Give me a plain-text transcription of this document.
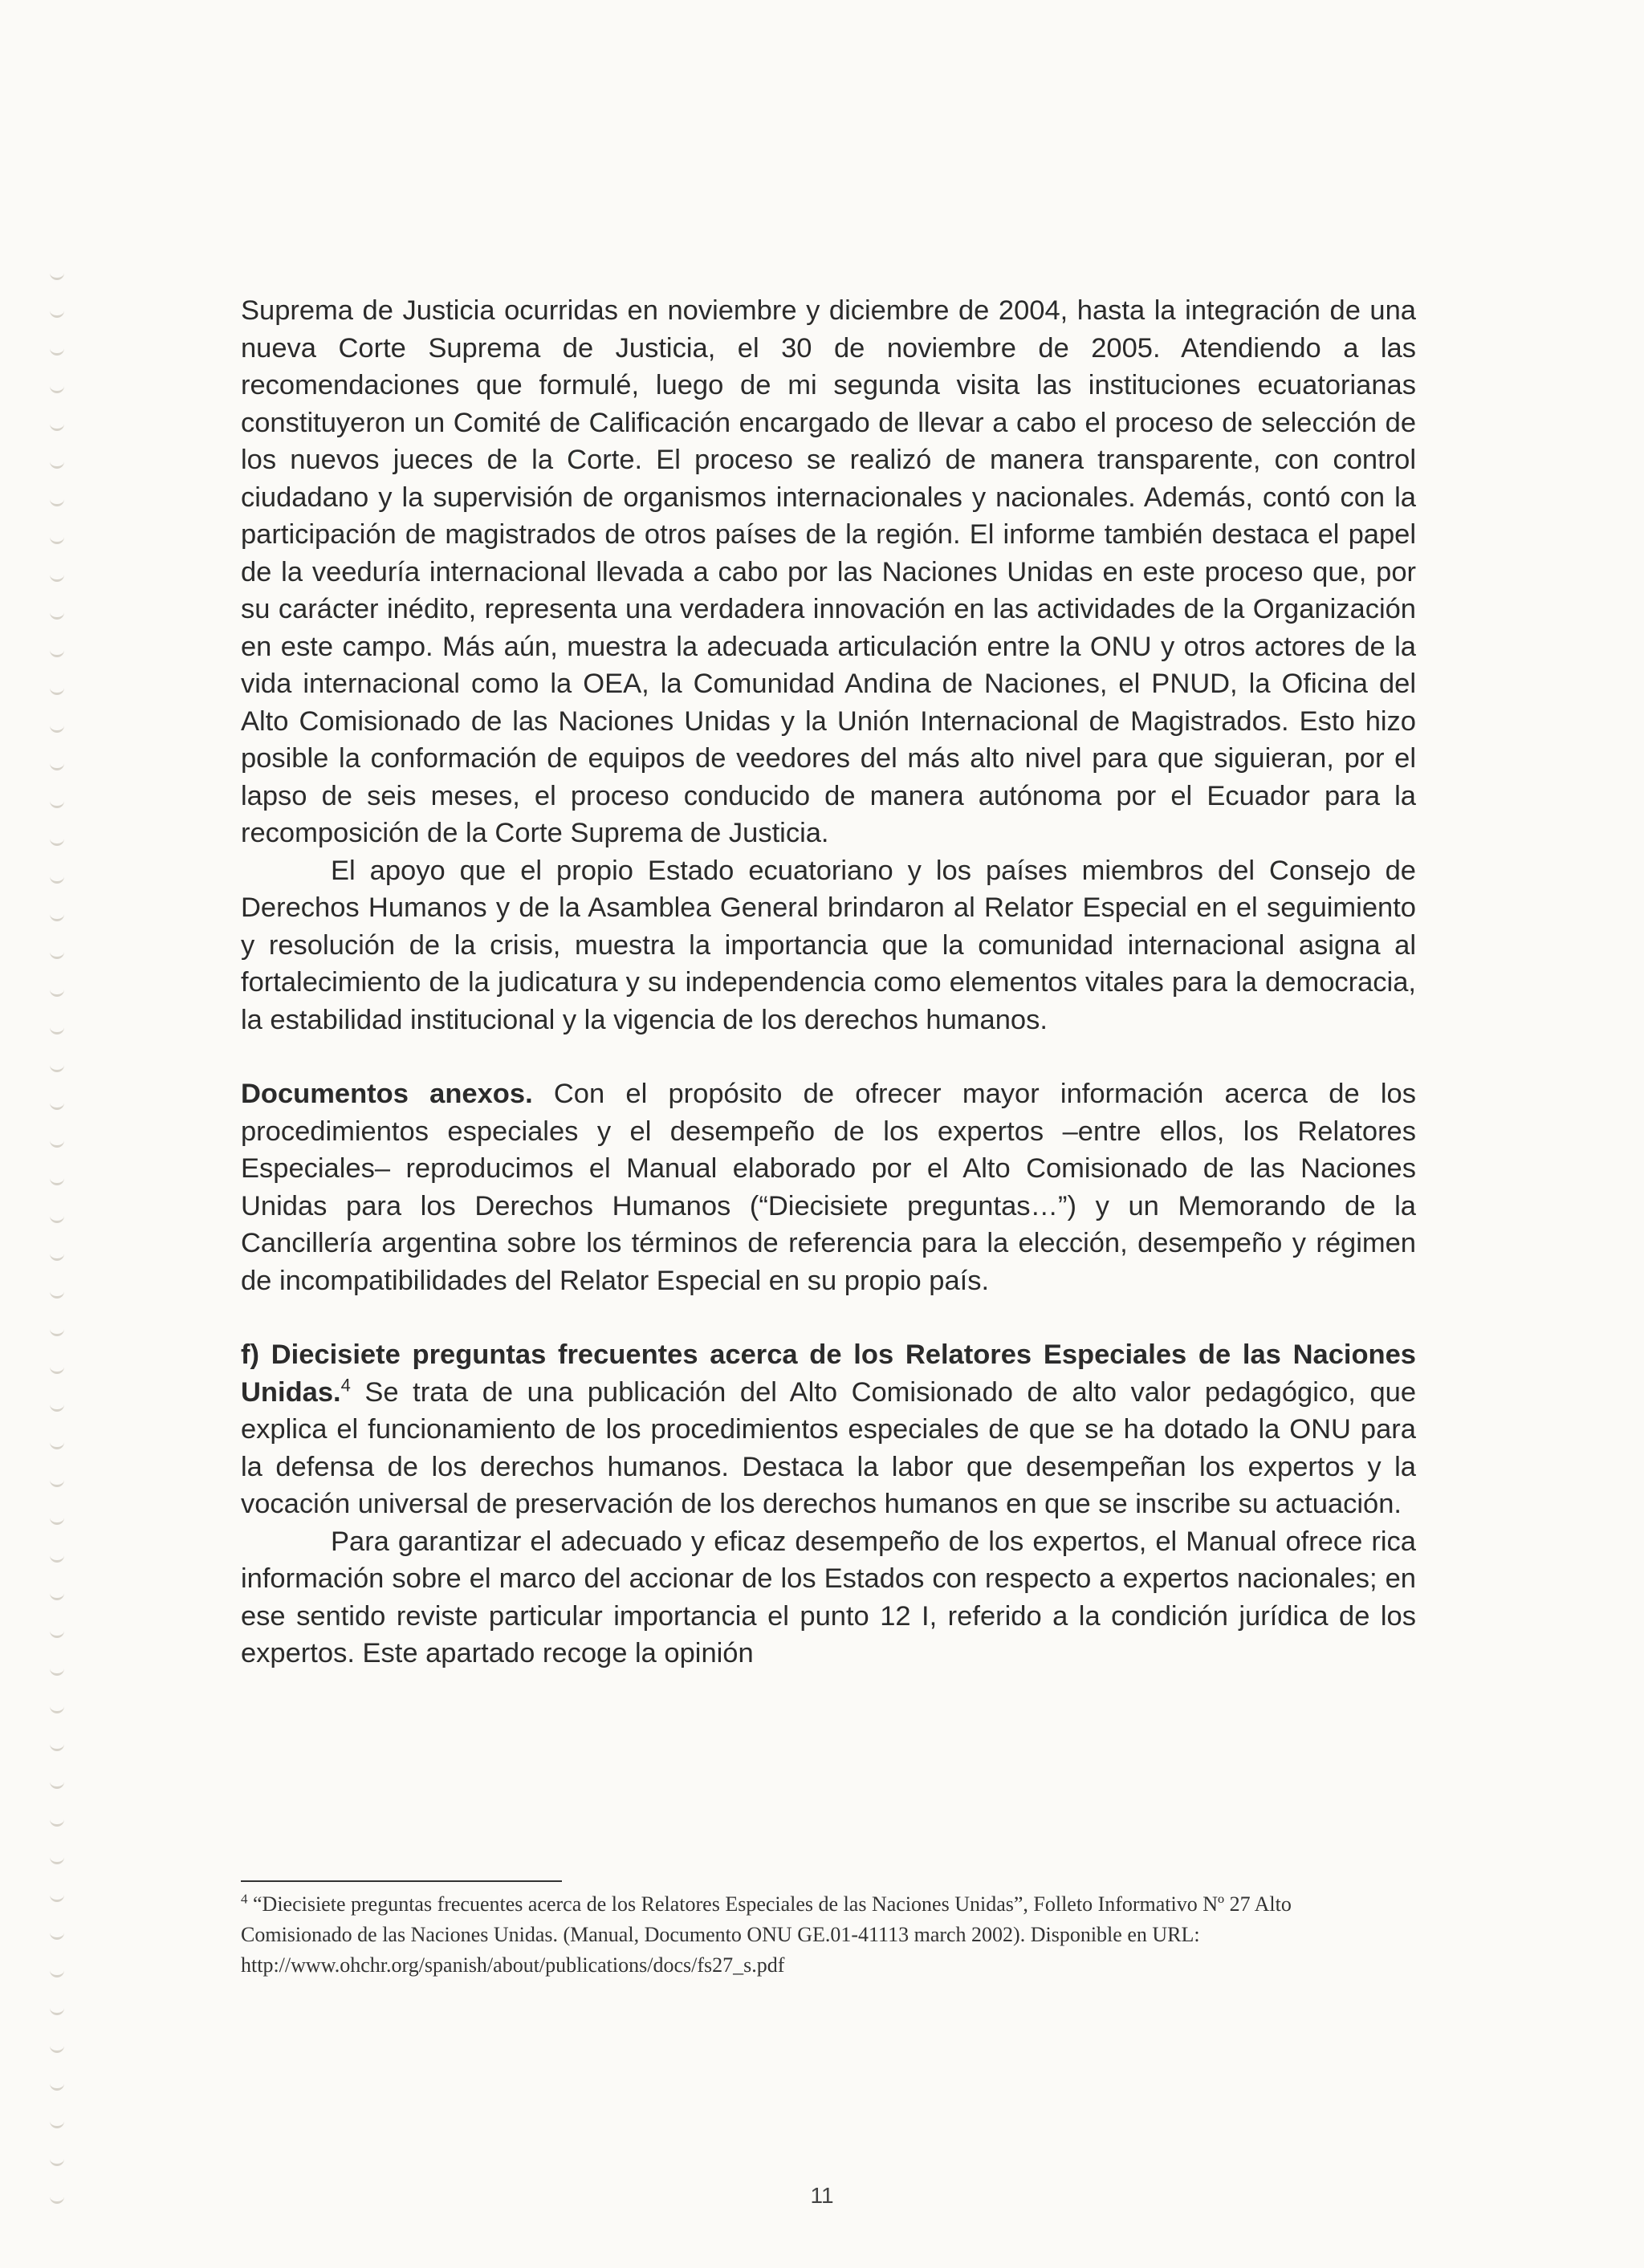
Suprema de Justicia ocurridas en noviembre y diciembre de 2004, hasta la integración de una nueva Corte Suprema de Justicia, el 30 de noviembre de 2005. Atendiendo a las recomendaciones que formulé, luego de mi segunda visita las instituciones ecuatorianas constituyeron un Comité de Calificación encargado de llevar a cabo el proceso de selección de los nuevos jueces de la Corte. El proceso se realizó de manera transparente, con control ciudadano y la supervisión de organismos internacionales y nacionales. Además, contó con la participación de magistrados de otros países de la región. El informe también destaca el papel de la veeduría internacional llevada a cabo por las Naciones Unidas en este proceso que, por su carácter inédito, representa una verdadera innovación en las actividades de la Organización en este campo. Más aún, muestra la adecuada articulación entre la ONU y otros actores de la vida internacional como la OEA, la Comunidad Andina de Naciones, el PNUD, la Oficina del Alto Comisionado de las Naciones Unidas y la Unión Internacional de Magistrados. Esto hizo posible la conformación de equipos de veedores del más alto nivel para que siguieran, por el lapso de seis meses, el proceso conducido de manera autónoma por el Ecuador para la recomposición de la Corte Suprema de Justicia.

El apoyo que el propio Estado ecuatoriano y los países miembros del Consejo de Derechos Humanos y de la Asamblea General brindaron al Relator Especial en el seguimiento y resolución de la crisis, muestra la importancia que la comunidad internacional asigna al fortalecimiento de la judicatura y su independencia como elementos vitales para la democracia, la estabilidad institucional y la vigencia de los derechos humanos.

Documentos anexos. Con el propósito de ofrecer mayor información acerca de los procedimientos especiales y el desempeño de los expertos –entre ellos, los Relatores Especiales– reproducimos el Manual elaborado por el Alto Comisionado de las Naciones Unidas para los Derechos Humanos (“Diecisiete preguntas…”) y un Memorando de la Cancillería argentina sobre los términos de referencia para la elección, desempeño y régimen de incompatibilidades del Relator Especial en su propio país.

f) Diecisiete preguntas frecuentes acerca de los Relatores Especiales de las Naciones Unidas.$^4$ Se trata de una publicación del Alto Comisionado de alto valor pedagógico, que explica el funcionamiento de los procedimientos especiales de que se ha dotado la ONU para la defensa de los derechos humanos. Destaca la labor que desempeñan los expertos y la vocación universal de preservación de los derechos humanos en que se inscribe su actuación.

Para garantizar el adecuado y eficaz desempeño de los expertos, el Manual ofrece rica información sobre el marco del accionar de los Estados con respecto a expertos nacionales; en ese sentido reviste particular importancia el punto 12 I, referido a la condición jurídica de los expertos. Este apartado recoge la opinión

$^4$ “Diecisiete preguntas frecuentes acerca de los Relatores Especiales de las Naciones Unidas”, Folleto Informativo Nº 27 Alto Comisionado de las Naciones Unidas. (Manual, Documento ONU GE.01-41113 march 2002). Disponible en URL: http://www.ohchr.org/spanish/about/publications/docs/fs27_s.pdf
11
